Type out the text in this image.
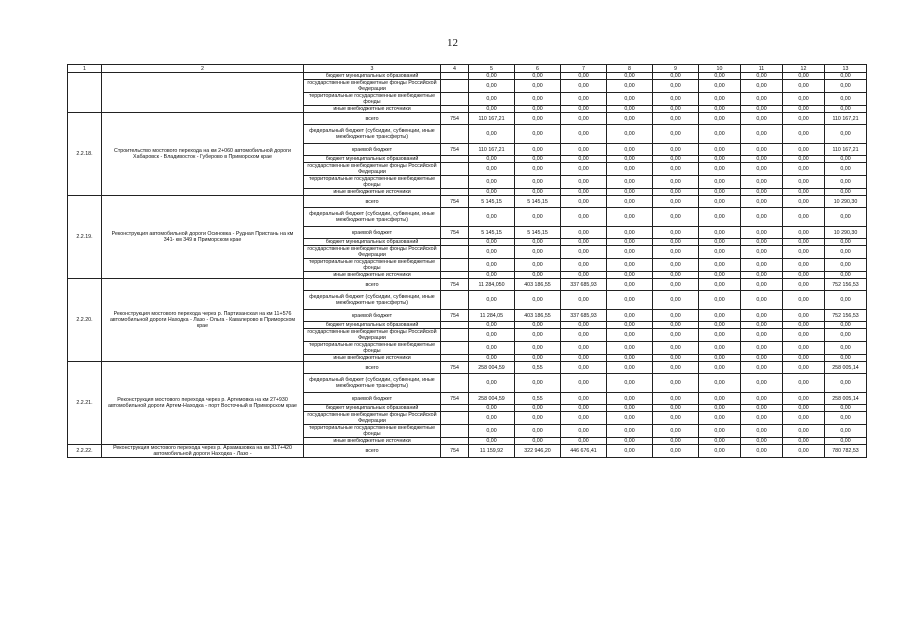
12
1	2	3	4	5	6	7	8	9	10	11	12	13
		бюджет муниципальных образований		0,00	0,00	0,00	0,00	0,00	0,00	0,00	0,00	0,00
		государственные внебюджетные фонды Российской Федерации		0,00	0,00	0,00	0,00	0,00	0,00	0,00	0,00	0,00
		территориальные государственные внебюджетные фонды		0,00	0,00	0,00	0,00	0,00	0,00	0,00	0,00	0,00
		иные внебюджетные источники		0,00	0,00	0,00	0,00	0,00	0,00	0,00	0,00	0,00
2.2.18.	Строительство мостового перехода на км 2+060 автомобильной дороги Хабаровск - Владивосток - Губерово в Приморском крае	всего	754	110 167,21	0,00	0,00	0,00	0,00	0,00	0,00	0,00	110 167,21
		федеральный бюджет (субсидии, субвенции, иные межбюджетные трансферты)		0,00	0,00	0,00	0,00	0,00	0,00	0,00	0,00	0,00
		краевой бюджет	754	110 167,21	0,00	0,00	0,00	0,00	0,00	0,00	0,00	110 167,21
		бюджет муниципальных образований		0,00	0,00	0,00	0,00	0,00	0,00	0,00	0,00	0,00
		государственные внебюджетные фонды Российской Федерации		0,00	0,00	0,00	0,00	0,00	0,00	0,00	0,00	0,00
		территориальные государственные внебюджетные фонды		0,00	0,00	0,00	0,00	0,00	0,00	0,00	0,00	0,00
		иные внебюджетные источники		0,00	0,00	0,00	0,00	0,00	0,00	0,00	0,00	0,00
2.2.19.	Реконструкция автомобильной дороги Осиновка - Рудная Пристань на км 341- км 349 в Приморском крае	всего	754	5 145,15	5 145,15	0,00	0,00	0,00	0,00	0,00	0,00	10 290,30
		федеральный бюджет (субсидии, субвенции, иные межбюджетные трансферты)		0,00	0,00	0,00	0,00	0,00	0,00	0,00	0,00	0,00
		краевой бюджет	754	5 145,15	5 145,15	0,00	0,00	0,00	0,00	0,00	0,00	10 290,30
		бюджет муниципальных образований		0,00	0,00	0,00	0,00	0,00	0,00	0,00	0,00	0,00
		государственные внебюджетные фонды Российской Федерации		0,00	0,00	0,00	0,00	0,00	0,00	0,00	0,00	0,00
		территориальные государственные внебюджетные фонды		0,00	0,00	0,00	0,00	0,00	0,00	0,00	0,00	0,00
		иные внебюджетные источники		0,00	0,00	0,00	0,00	0,00	0,00	0,00	0,00	0,00
2.2.20.	Реконструкция мостового перехода через р. Партизанская на км 11+576 автомобильной дороги Находка - Лазо - Ольга - Кавалерово в Приморском крае	всего	754	11 284,050	403 186,55	337 685,93	0,00	0,00	0,00	0,00	0,00	752 156,53
		федеральный бюджет (субсидии, субвенции, иные межбюджетные трансферты)		0,00	0,00	0,00	0,00	0,00	0,00	0,00	0,00	0,00
		краевой бюджет	754	11 284,05	403 186,55	337 685,93	0,00	0,00	0,00	0,00	0,00	752 156,53
		бюджет муниципальных образований		0,00	0,00	0,00	0,00	0,00	0,00	0,00	0,00	0,00
		государственные внебюджетные фонды Российской Федерации		0,00	0,00	0,00	0,00	0,00	0,00	0,00	0,00	0,00
		территориальные государственные внебюджетные фонды		0,00	0,00	0,00	0,00	0,00	0,00	0,00	0,00	0,00
		иные внебюджетные источники		0,00	0,00	0,00	0,00	0,00	0,00	0,00	0,00	0,00
2.2.21.	Реконструкция мостового перехода через р. Артемовка на км 27+930 автомобильной дороги Артем-Находка - порт Восточный в Приморском крае	всего	754	258 004,59	0,55	0,00	0,00	0,00	0,00	0,00	0,00	258 005,14
		федеральный бюджет (субсидии, субвенции, иные межбюджетные трансферты)		0,00	0,00	0,00	0,00	0,00	0,00	0,00	0,00	0,00
		краевой бюджет	754	258 004,59	0,55	0,00	0,00	0,00	0,00	0,00	0,00	258 005,14
		бюджет муниципальных образований		0,00	0,00	0,00	0,00	0,00	0,00	0,00	0,00	0,00
		государственные внебюджетные фонды Российской Федерации		0,00	0,00	0,00	0,00	0,00	0,00	0,00	0,00	0,00
		территориальные государственные внебюджетные фонды		0,00	0,00	0,00	0,00	0,00	0,00	0,00	0,00	0,00
		иные внебюджетные источники		0,00	0,00	0,00	0,00	0,00	0,00	0,00	0,00	0,00
2.2.22.	Реконструкция мостового перехода через р. Арзамазовка на км 317+420 автомобильной дороги Находка - Лазо -	всего	754	11 159,92	322 946,20	446 676,41	0,00	0,00	0,00	0,00	0,00	780 782,53
